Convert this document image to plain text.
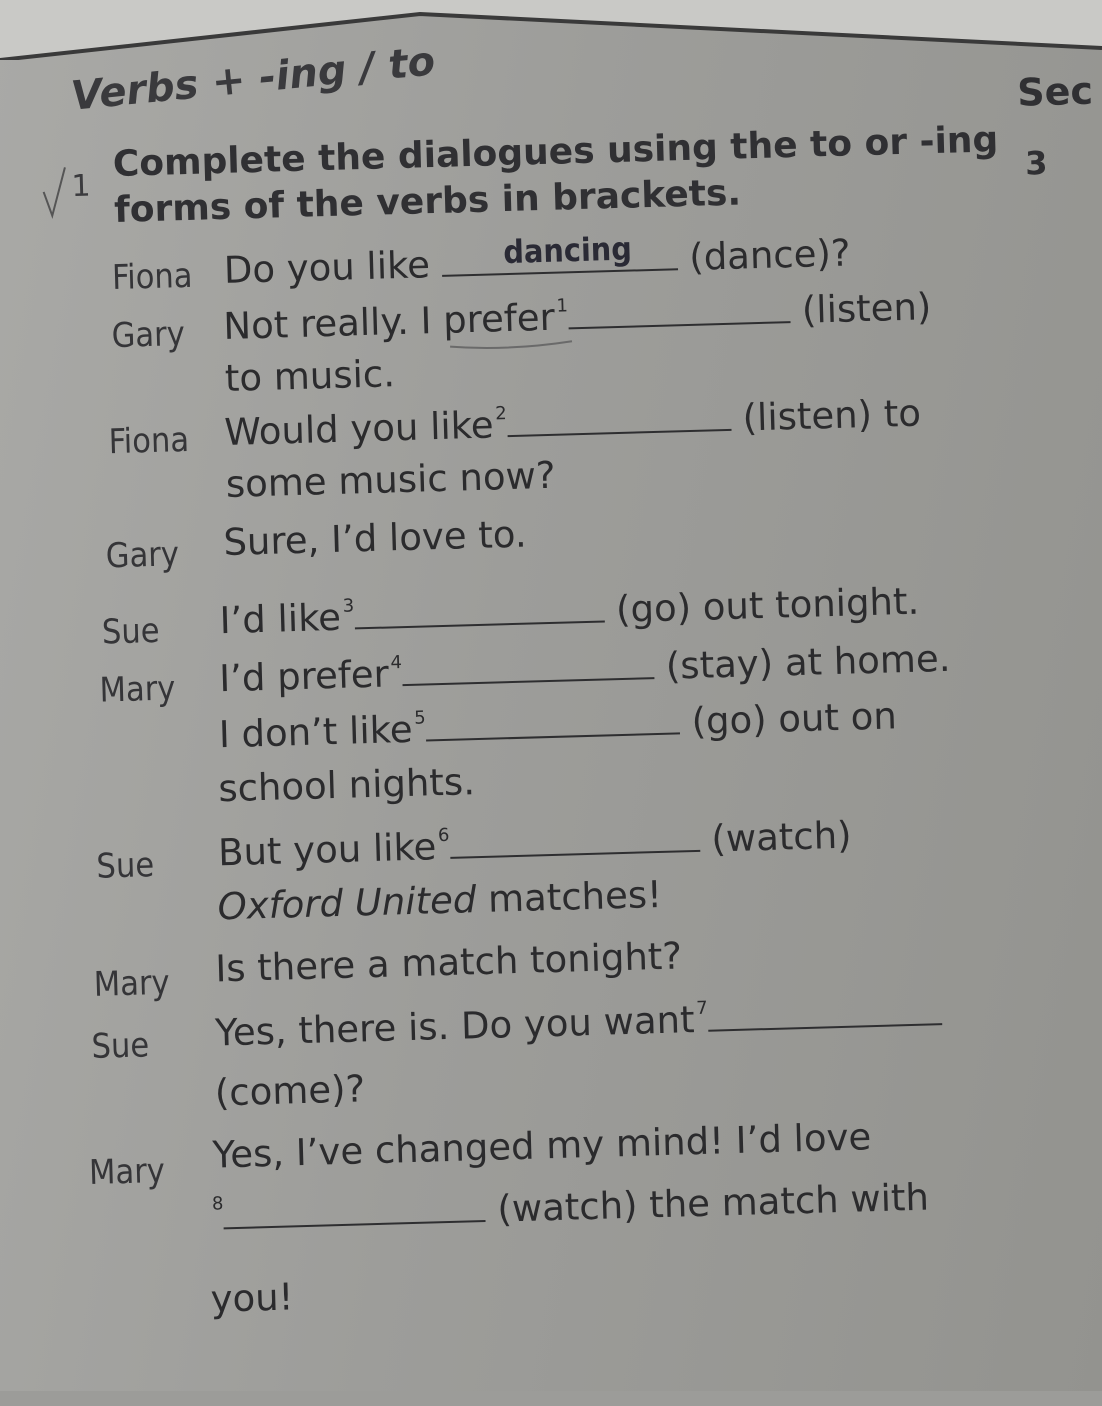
Verbs + -ing / to	Sec
3
1
Complete the dialogues using the to or -ing
forms of the verbs in brackets.
Fiona Do you like dancing (dance)?
Gary Not really. I prefer$^1$	(listen)
to music.
Fiona Would you like$^2$	(listen) to
some music now?
Gary Sure, I’d love to.
Sue I’d like$^3$	(go) out tonight.
Mary I’d prefer$^4$	(stay) at home.
I don’t like$^5$	(go) out on
school nights.
Sue But you like$^6$	(watch)
Oxford United matches!
Mary Is there a match tonight?
Sue Yes, there is. Do you want$^7$
(come)?
Mary Yes, I’ve changed my mind! I’d love
$^8$	(watch) the match with
you!
